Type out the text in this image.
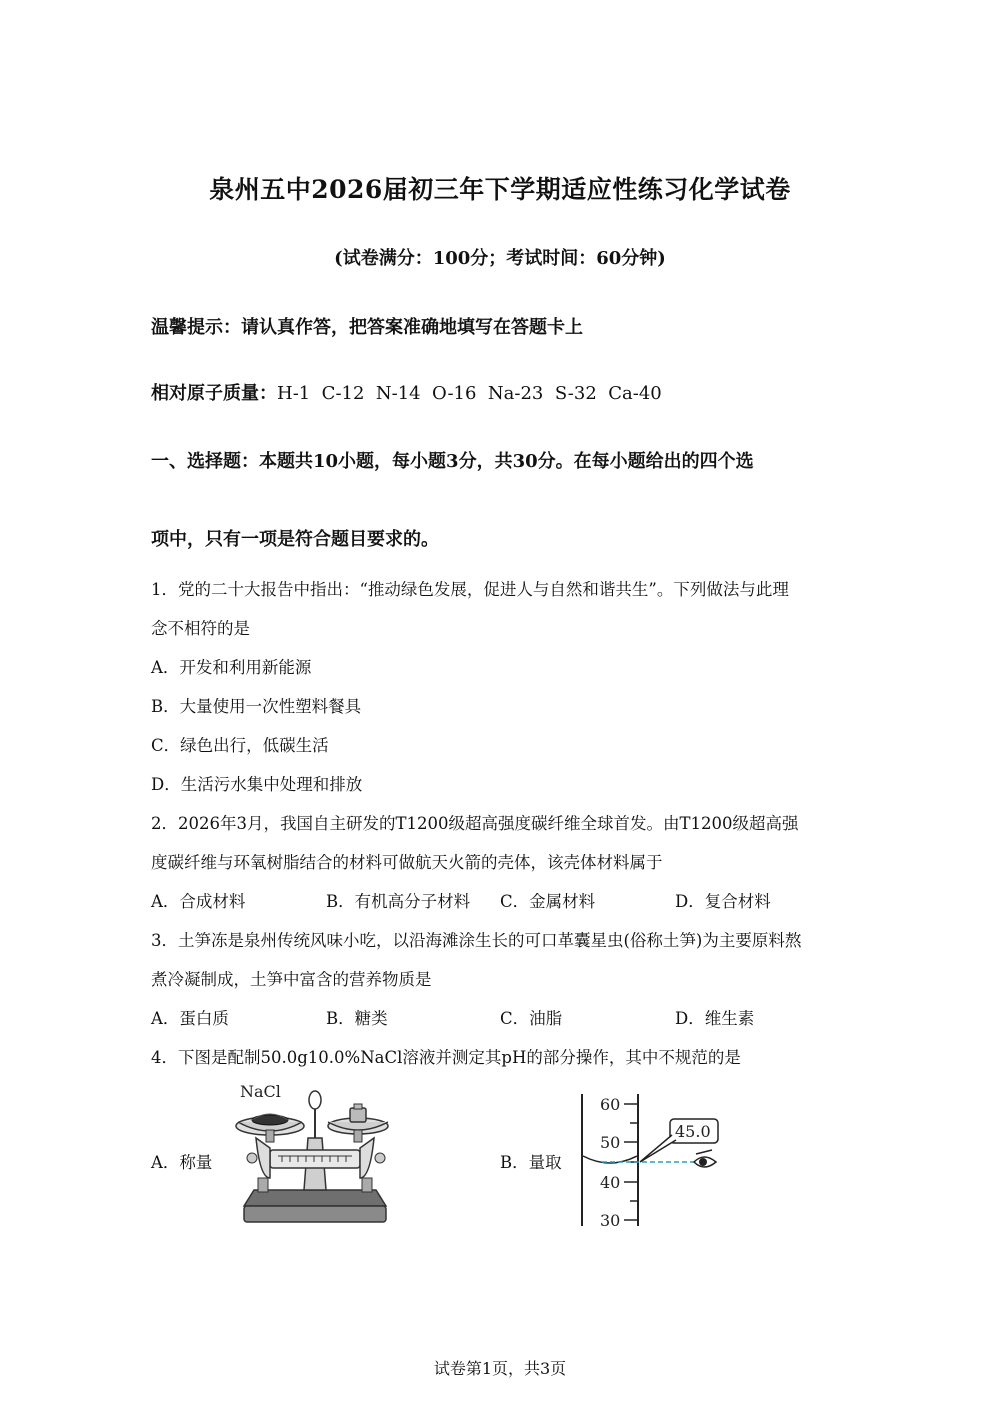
泉州五中2026届初三年下学期适应性练习化学试卷
(试卷满分：100分；考试时间：60分钟)
温馨提示：请认真作答，把答案准确地填写在答题卡上
相对原子质量：H-1  C-12  N-14  O-16  Na-23  S-32  Ca-40
一、选择题：本题共10小题，每小题3分，共30分。在每小题给出的四个选
项中，只有一项是符合题目要求的。
1．党的二十大报告中指出：“推动绿色发展，促进人与自然和谐共生”。下列做法与此理
念不相符的是
A．开发和利用新能源
B．大量使用一次性塑料餐具
C．绿色出行，低碳生活
D．生活污水集中处理和排放
2．2026年3月，我国自主研发的T1200级超高强度碳纤维全球首发。由T1200级超高强
度碳纤维与环氧树脂结合的材料可做航天火箭的壳体，该壳体材料属于
A．合成材料	B．有机高分子材料 C．金属材料	D．复合材料
3．土笋冻是泉州传统风味小吃，以沿海滩涂生长的可口革囊星虫(俗称土笋)为主要原料熬
煮冷凝制成，土笋中富含的营养物质是
A．蛋白质	B．糖类	C．油脂	D．维生素
4．下图是配制50.0g10.0%NaCl溶液并测定其pH的部分操作，其中不规范的是
A．称量	B．量取
NaCl
60
50
40
30
45.0
试卷第1页，共3页
